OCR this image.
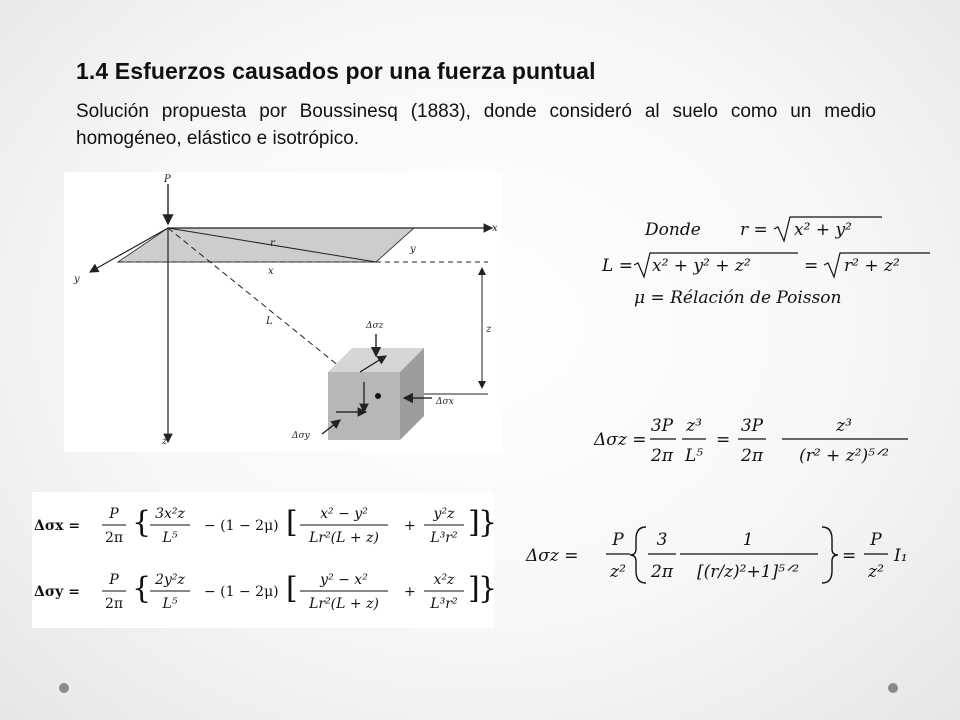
1.4 Esfuerzos causados por una fuerza puntual
Solución propuesta por Boussinesq (1883), donde consideró al suelo como un medio homogéneo, elástico e isotrópico.
P
x
y
z
r
x
y
L
z
Δσz
Δσx
Δσy
Donde r = x² + y²
L = x² + y² + z²	= r² + z²
μ = Rélación de Poisson
Δσz =
3P
2π
z³
L⁵
=
3P
2π
z³
(r² + z²)⁵ᐟ²
Δσz =
P
z²
3
2π
1
[(r/z)²+1]⁵ᐟ²
=
P
z²
I₁
Δσx =
P
2π { 3x²z
L⁵
− (1 − 2μ) [ x² − y²
Lr²(L + z)
+
y²z
L³r² ]
}
Δσy =
P
2π { 2y²z
L⁵
− (1 − 2μ) [ y² − x²
Lr²(L + z)
+
x²z
L³r² ]
}
